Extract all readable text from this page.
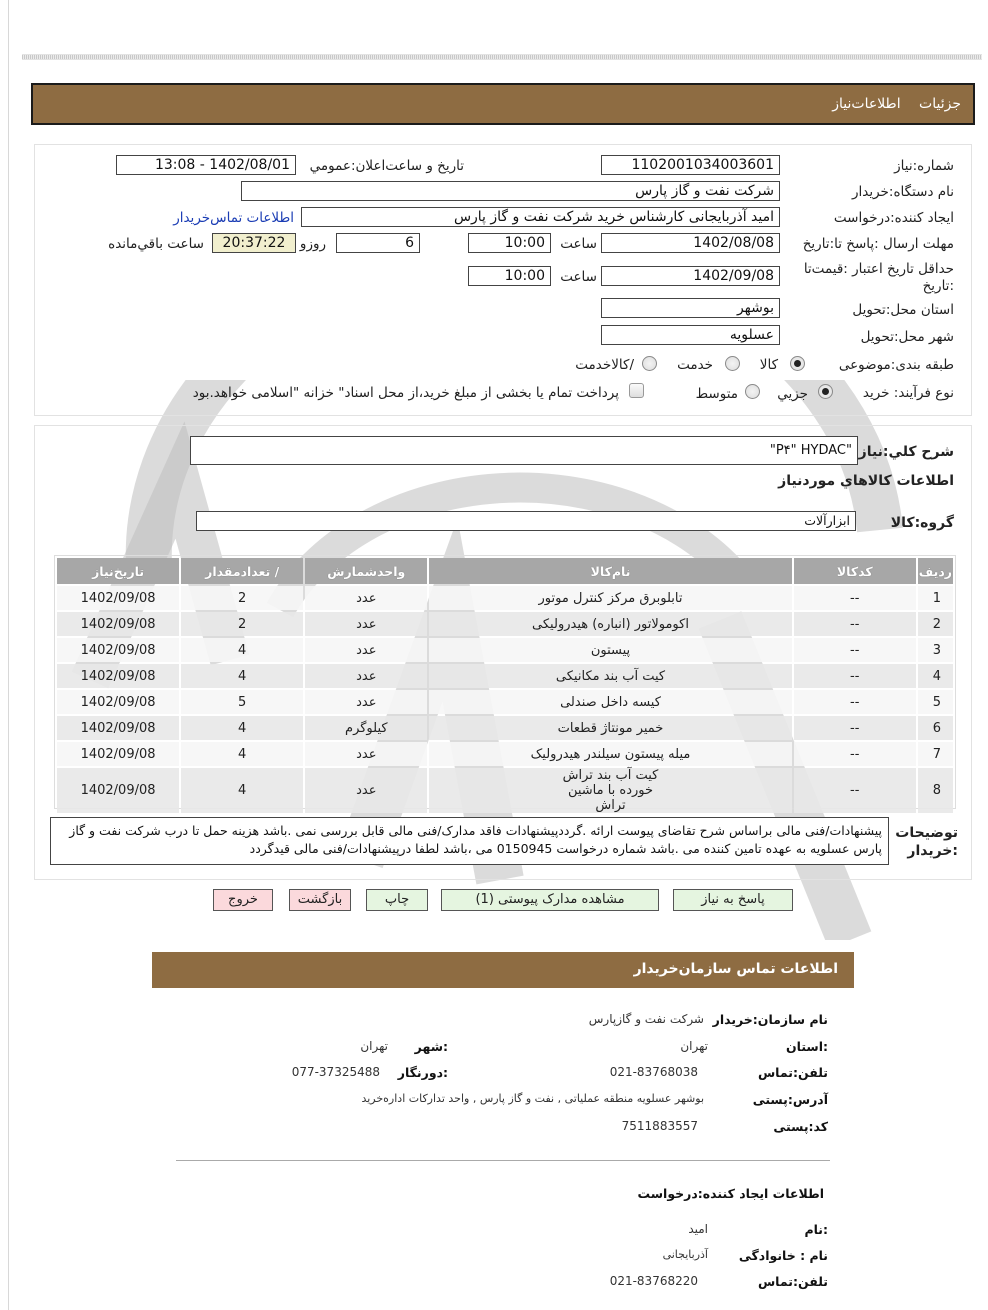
جزئیات اطلاعات‌نیاز
شماره:نیاز
1102001034003601
تاريخ و ساعت‌اعلان:عمومي
1402/08/01 - 13:08
نام دستگاه:خریدار
شرکت نفت و گاز پارس
ایجاد کننده:درخواست
امید آذربایجانی کارشناس خرید شرکت نفت و گاز پارس
اطلاعات تماس‌خریدار
مهلت ارسال :پاسخ تا:تاریخ
1402/08/08
ساعت
10:00
6
روزو
20:37:22
ساعت باقي‌مانده
حداقل تاریخ اعتبار :قیمت‌تا :تاریخ
1402/09/08
ساعت
10:00
استان محل:تحویل
بوشهر
شهر محل:تحویل
عسلویه
طبقه بندی:موضوعی
کالا
خدمت
/کالاخدمت
نوع فرآیند: خرید
جزيي
متوسط
پرداخت تمام یا بخشی از مبلغ خرید،از محل اسناد" خزانه "اسلامی خواهد.بود
شرح کلي:نياز
"P۴" HYDAC"
اطلاعات کالاهاي موردنیاز
گروه:کالا
ابزارآلات
ردیف	کدکالا	نام‌کالا	واحدشمارش	/ تعدادمقدار	تاریخ‌نیاز
1	--	تابلوبرق مرکز کنترل موتور	عدد	2	1402/09/08
2	--	اکومولاتور (انباره) هیدرولیکی	عدد	2	1402/09/08
3	--	پیستون	عدد	4	1402/09/08
4	--	کیت آب بند مکانیکی	عدد	4	1402/09/08
5	--	کیسه داخل صندلی	عدد	5	1402/09/08
6	--	خمیر مونتاژ قطعات	کیلوگرم	4	1402/09/08
7	--	میله پیستون سیلندر هیدرولیک	عدد	4	1402/09/08
8	--	کیت آب بند تراش خورده با ماشین تراش	عدد	4	1402/09/08
توضیحات :خریدار
پیشنهادات/فنی مالی براساس شرح تقاضای پیوست ارائه .گرددپیشنهادات فاقد مدارک/فنی مالی قابل بررسی نمی .باشد هزینه حمل تا درب شرکت نفت و گاز پارس عسلویه به عهده تامین کننده می .باشد شماره درخواست 0150945 می ،باشد لطفا درپیشنهادات/فنی مالی قیدگردد
پاسخ به نیاز
مشاهده مدارک پیوستی (1)
چاپ
بازگشت
خروج
اطلاعات تماس سازمان‌خریدار
نام سازمان:خریدار
شرکت نفت و گازپارس
:استان
تهران
:شهر
تهران
تلفن:تماس
021-83768038
:دورنگار
077-37325488
آدرس:پستی
بوشهر عسلویه منطقه عملیاتی , نفت و گاز پارس , واحد تدارکات اداره‌خرید
کد:پستی
7511883557
اطلاعات ایجاد کننده:درخواست
:نام
امید
نام : خانوادگی
آذربایجانی
تلفن:تماس
021-83768220
